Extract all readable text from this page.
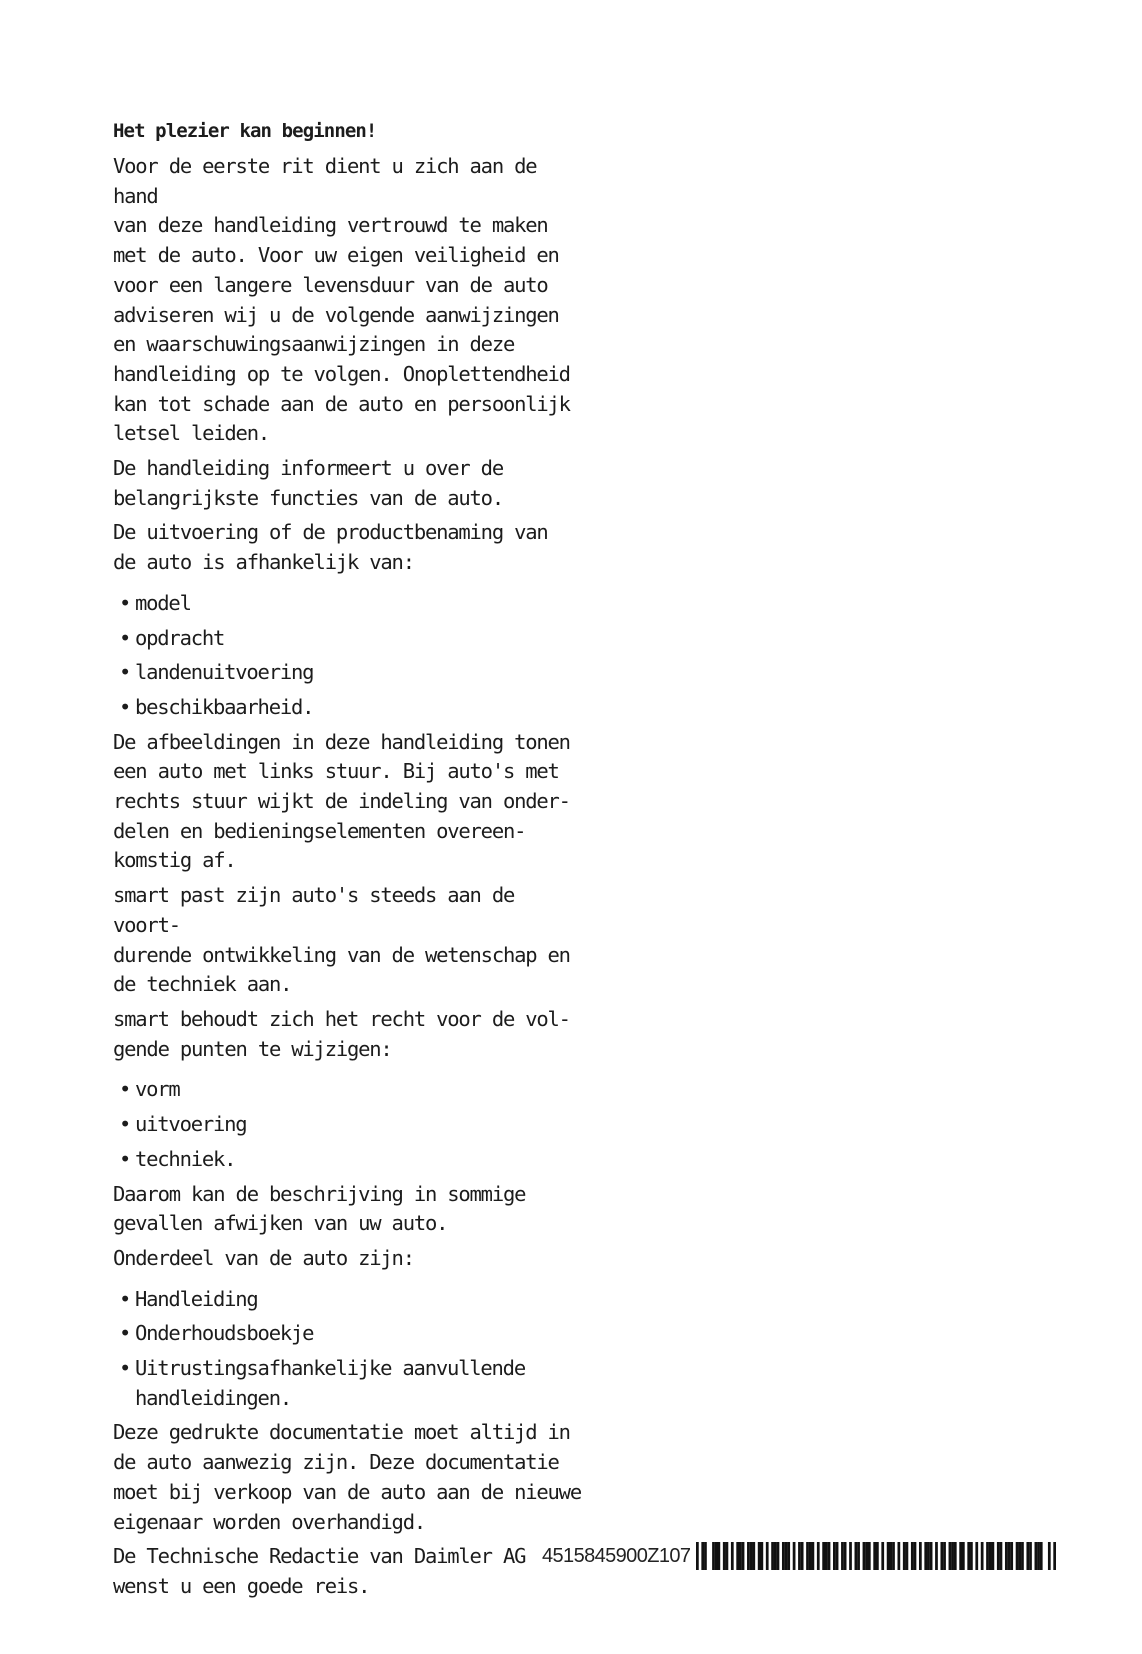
Het plezier kan beginnen!

Voor de eerste rit dient u zich aan de hand
van deze handleiding vertrouwd te maken
met de auto. Voor uw eigen veiligheid en
voor een langere levensduur van de auto
adviseren wij u de volgende aanwijzingen
en waarschuwingsaanwijzingen in deze
handleiding op te volgen. Onoplettendheid
kan tot schade aan de auto en persoonlijk
letsel leiden.

De handleiding informeert u over de
belangrijkste functies van de auto.

De uitvoering of de productbenaming van
de auto is afhankelijk van:

• model
• opdracht
• landenuitvoering
• beschikbaarheid.

De afbeeldingen in deze handleiding tonen
een auto met links stuur. Bij auto's met
rechts stuur wijkt de indeling van onder-
delen en bedieningselementen overeen-
komstig af.

smart past zijn auto's steeds aan de voort-
durende ontwikkeling van de wetenschap en
de techniek aan.

smart behoudt zich het recht voor de vol-
gende punten te wijzigen:

• vorm
• uitvoering
• techniek.

Daarom kan de beschrijving in sommige
gevallen afwijken van uw auto.

Onderdeel van de auto zijn:

• Handleiding
• Onderhoudsboekje
• Uitrustingsafhankelijke aanvullende
handleidingen.

Deze gedrukte documentatie moet altijd in
de auto aanwezig zijn. Deze documentatie
moet bij verkoop van de auto aan de nieuwe
eigenaar worden overhandigd.

De Technische Redactie van Daimler AG
wenst u een goede reis.

4515845900Z107
